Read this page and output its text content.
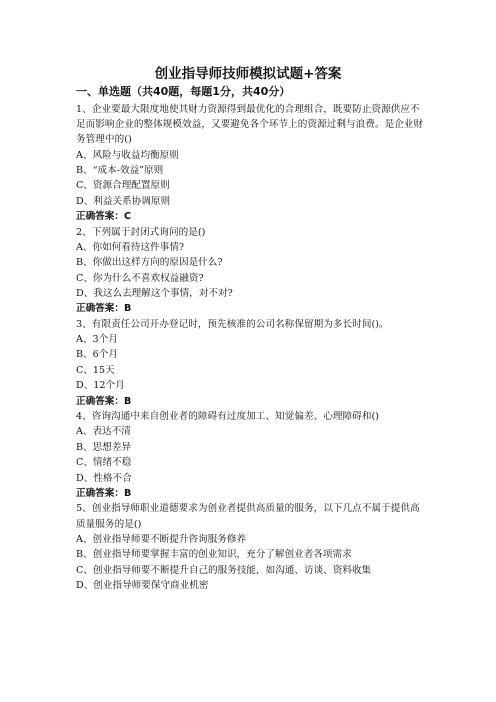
创业指导师技师模拟试题+答案
一、单选题（共40题，每题1分，共40分）

1、企业要最大限度地使其财力资源得到最优化的合理组合，既要防止资源供应不足而影响企业的整体规模效益，又要避免各个环节上的资源过剩与浪费。是企业财务管理中的()

A、风险与收益均衡原则

B、“成本-效益”原则

C、资源合理配置原则

D、利益关系协调原则

正确答案：C

2、下列属于封闭式询问的是()

A、你如何看待这件事情?

B、你做出这样方向的原因是什么?

C、你为什么不喜欢权益融资?

D、我这么去理解这个事情，对不对?

正确答案：B

3、有限责任公司开办登记时，预先核准的公司名称保留期为多长时间()。

A、3个月

B、6个月

C、15天

D、12个月

正确答案：B

4、咨询沟通中来自创业者的障碍有过度加工、知觉偏差、心理障碍和()

A、表达不清

B、思想差异

C、情绪不稳

D、性格不合

正确答案：B

5、创业指导师职业道德要求为创业者提供高质量的服务，以下几点不属于提供高质量服务的是()

A、创业指导师要不断提升咨询服务修养

B、创业指导师要掌握丰富的创业知识，充分了解创业者各项需求

C、创业指导师要不断提升自己的服务技能，如沟通、访谈、资料收集

D、创业指导师要保守商业机密
